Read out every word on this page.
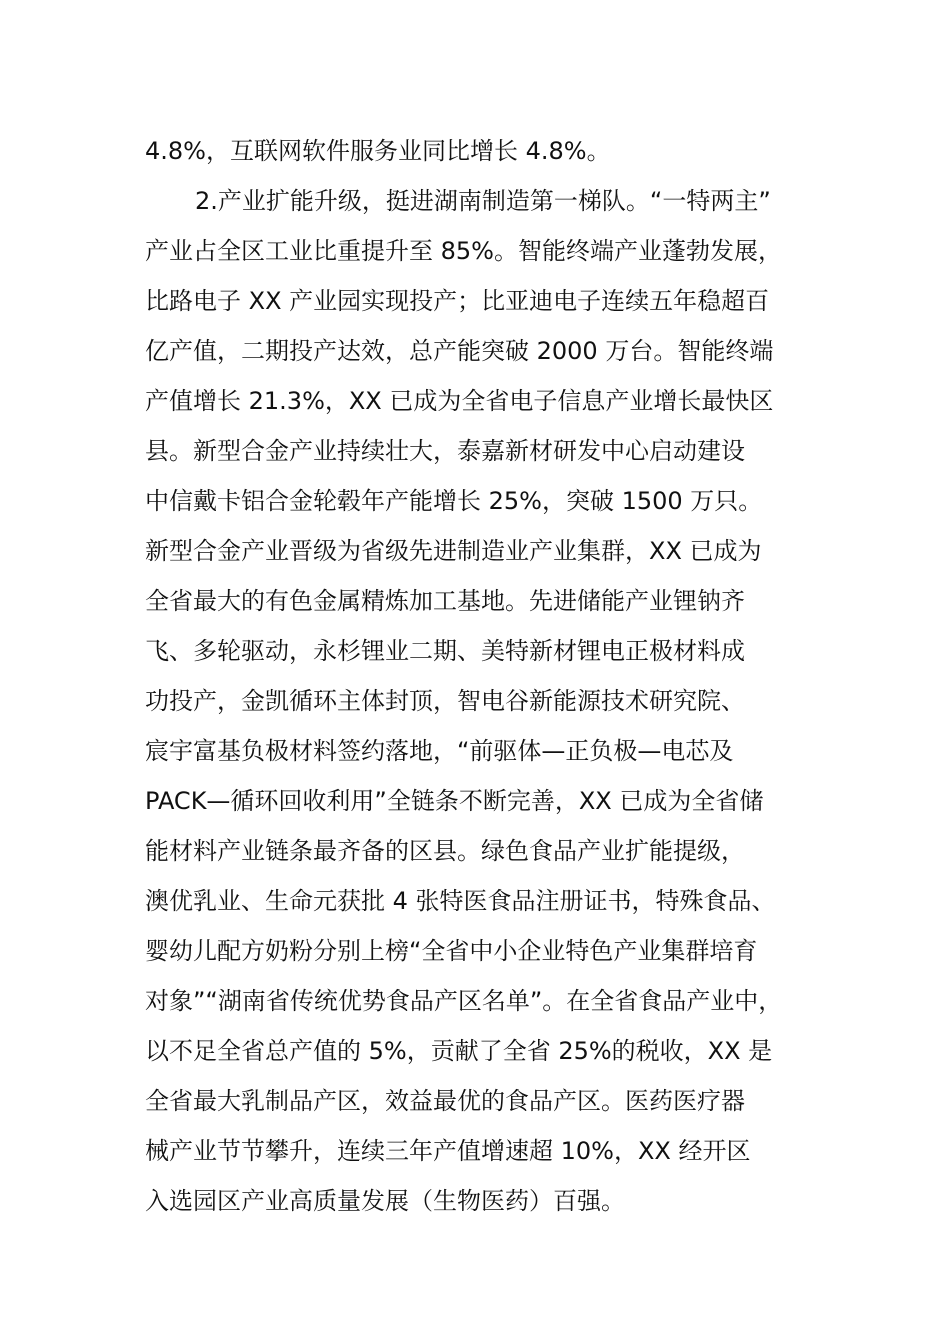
4.8%，互联网软件服务业同比增长 4.8%。
2.产业扩能升级，挺进湖南制造第一梯队。“一特两主”
产业占全区工业比重提升至 85%。智能终端产业蓬勃发展，
比路电子 XX 产业园实现投产；比亚迪电子连续五年稳超百
亿产值，二期投产达效，总产能突破 2000 万台。智能终端
产值增长 21.3%，XX 已成为全省电子信息产业增长最快区
县。新型合金产业持续壮大，泰嘉新材研发中心启动建设
中信戴卡铝合金轮毂年产能增长 25%，突破 1500 万只。
新型合金产业晋级为省级先进制造业产业集群，XX 已成为
全省最大的有色金属精炼加工基地。先进储能产业锂钠齐
飞、多轮驱动，永杉锂业二期、美特新材锂电正极材料成
功投产，金凯循环主体封顶，智电谷新能源技术研究院、
宸宇富基负极材料签约落地，“前驱体—正负极—电芯及
PACK—循环回收利用”全链条不断完善，XX 已成为全省储
能材料产业链条最齐备的区县。绿色食品产业扩能提级，
澳优乳业、生命元获批 4 张特医食品注册证书，特殊食品、
婴幼儿配方奶粉分别上榜“全省中小企业特色产业集群培育
对象”“湖南省传统优势食品产区名单”。在全省食品产业中，
以不足全省总产值的 5%，贡献了全省 25%的税收，XX 是
全省最大乳制品产区，效益最优的食品产区。医药医疗器
械产业节节攀升，连续三年产值增速超 10%，XX 经开区
入选园区产业高质量发展（生物医药）百强。
